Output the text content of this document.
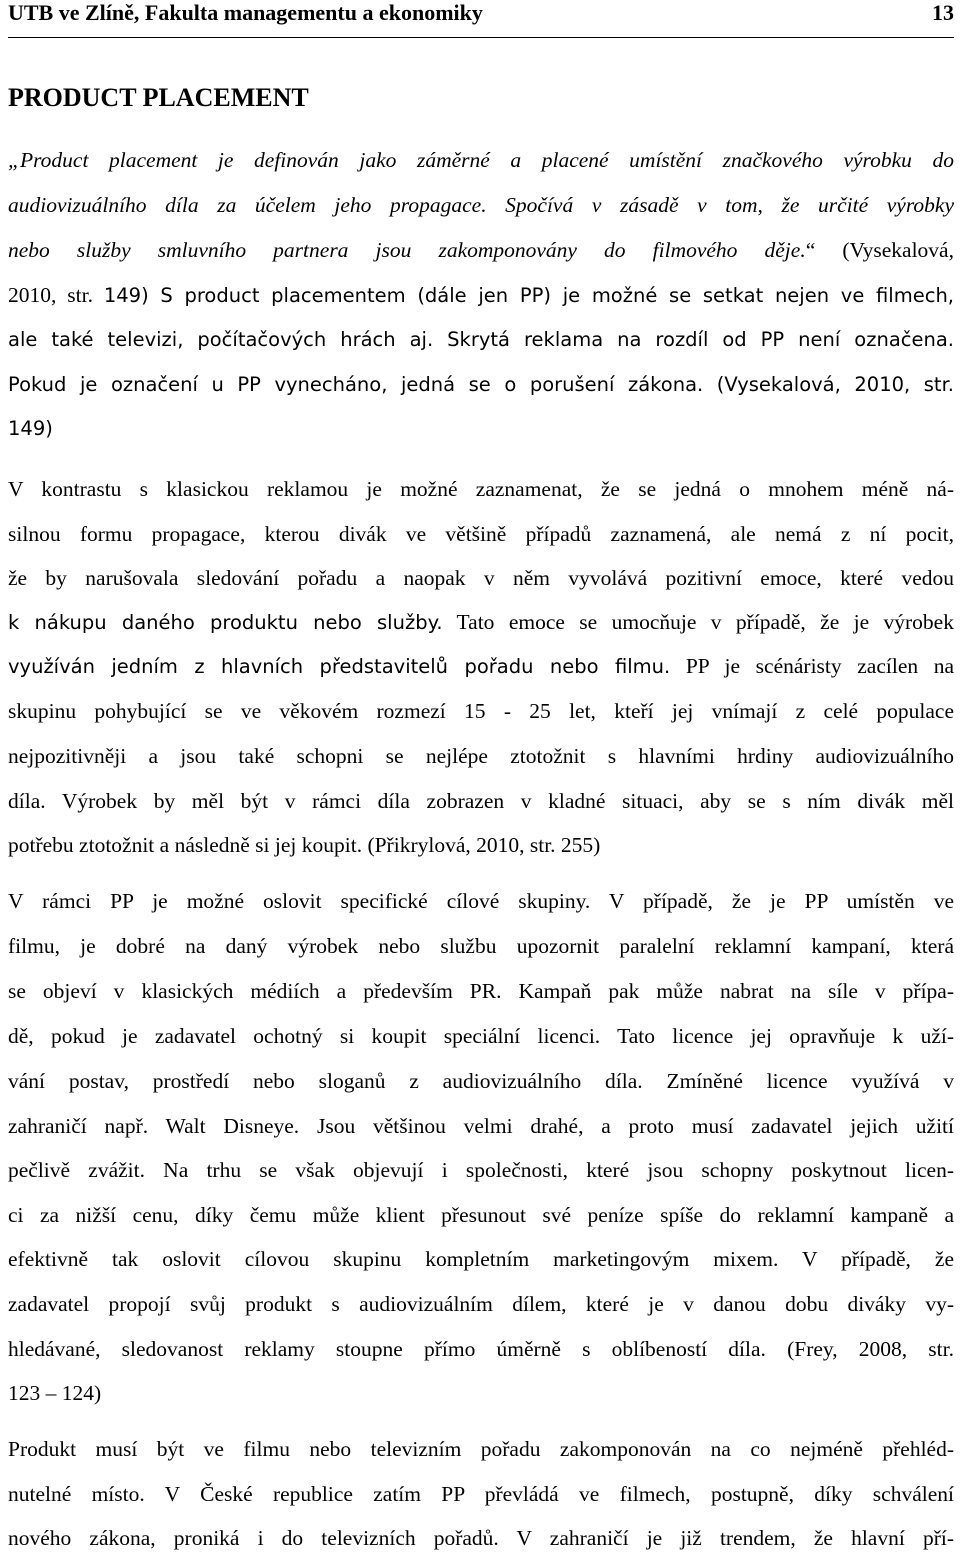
UTB ve Zlíně, Fakulta managementu a ekonomiky	13
PRODUCT PLACEMENT
„Product placement je definován jako záměrné a placené umístění značkového výrobku do
audiovizuálního díla za účelem jeho propagace. Spočívá v zásadě v tom, že určité výrobky
nebo služby smluvního partnera jsou zakomponovány do filmového děje.“ (Vysekalová,
2010, str. 149) S product placementem (dále jen PP) je možné se setkat nejen ve filmech,
ale také televizi, počítačových hrách aj. Skrytá reklama na rozdíl od PP není označena.
Pokud je označení u PP vynecháno, jedná se o porušení zákona. (Vysekalová, 2010, str.
149)
V kontrastu s klasickou reklamou je možné zaznamenat, že se jedná o mnohem méně ná-
silnou formu propagace, kterou divák ve většině případů zaznamená, ale nemá z ní pocit,
že by narušovala sledování pořadu a naopak v něm vyvolává pozitivní emoce, které vedou
k nákupu daného produktu nebo služby. Tato emoce se umocňuje v případě, že je výrobek
využíván jedním z hlavních představitelů pořadu nebo filmu. PP je scénáristy zacílen na
skupinu pohybující se ve věkovém rozmezí 15 - 25 let, kteří jej vnímají z celé populace
nejpozitivněji a jsou také schopni se nejlépe ztotožnit s hlavními hrdiny audiovizuálního
díla. Výrobek by měl být v rámci díla zobrazen v kladné situaci, aby se s ním divák měl
potřebu ztotožnit a následně si jej koupit. (Přikrylová, 2010, str. 255)
V rámci PP je možné oslovit specifické cílové skupiny. V případě, že je PP umístěn ve
filmu, je dobré na daný výrobek nebo službu upozornit paralelní reklamní kampaní, která
se objeví v klasických médiích a především PR. Kampaň pak může nabrat na síle v přípa-
dě, pokud je zadavatel ochotný si koupit speciální licenci. Tato licence jej opravňuje k uží-
vání postav, prostředí nebo sloganů z audiovizuálního díla. Zmíněné licence využívá v
zahraničí např. Walt Disneye. Jsou většinou velmi drahé, a proto musí zadavatel jejich užití
pečlivě zvážit. Na trhu se však objevují i společnosti, které jsou schopny poskytnout licen-
ci za nižší cenu, díky čemu může klient přesunout své peníze spíše do reklamní kampaně a
efektivně tak oslovit cílovou skupinu kompletním marketingovým mixem. V případě, že
zadavatel propojí svůj produkt s audiovizuálním dílem, které je v danou dobu diváky vy-
hledávané, sledovanost reklamy stoupne přímo úměrně s oblíbeností díla. (Frey, 2008, str.
123 – 124)
Produkt musí být ve filmu nebo televizním pořadu zakomponován na co nejméně přehléd-
nutelné místo. V České republice zatím PP převládá ve filmech, postupně, díky schválení
nového zákona, proniká i do televizních pořadů. V zahraničí je již trendem, že hlavní pří-
